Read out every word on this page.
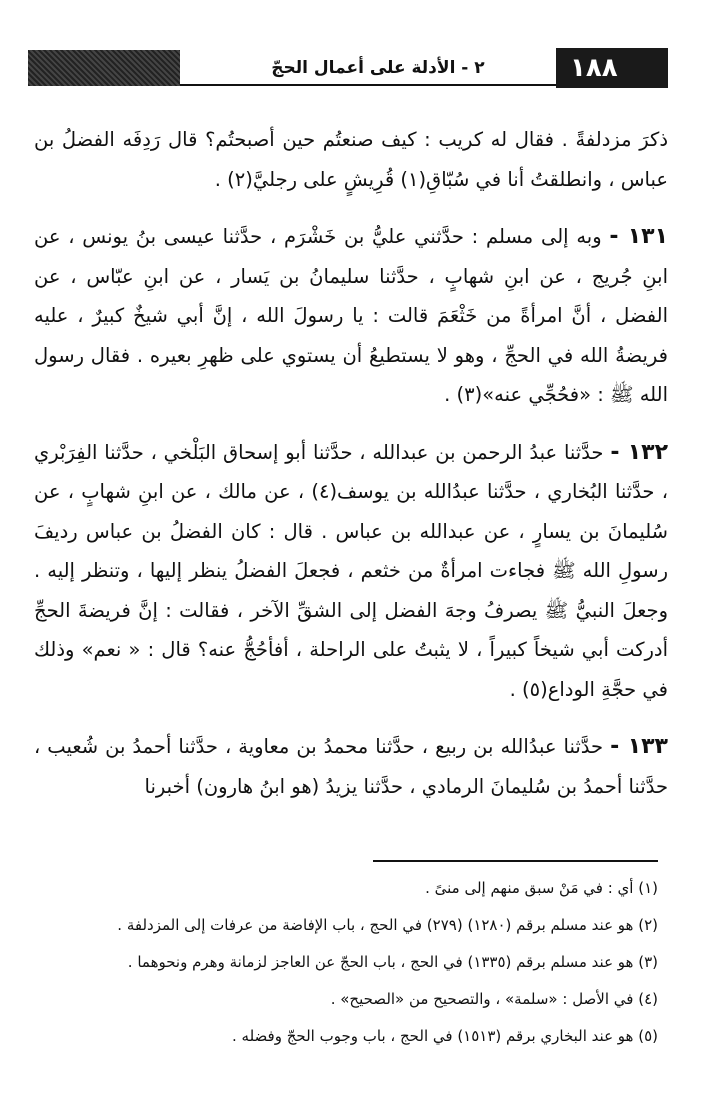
٢ - الأدلة على أعمال الحجّ	١٨٨

ذكرَ مزدلفةً . فقال له كريب : كيف صنعتُم حين أصبحتُم؟ قال رَدِفَه الفضلُ بن عباس ، وانطلقتُ أنا في سُبّاقِ(١) قُرِيشٍ على رجليَّ(٢) .

١٣١ - وبه إلى مسلم : حدَّثني عليُّ بن خَشْرَم ، حدَّثنا عيسى بنُ يونس ، عن ابنِ جُريج ، عن ابنِ شهابٍ ، حدَّثنا سليمانُ بن يَسار ، عن ابنِ عبّاس ، عن الفضل ، أنَّ امرأةً من خَثْعَمَ قالت : يا رسولَ الله ، إنَّ أبي شيخٌ كبيرٌ ، عليه فريضةُ الله في الحجِّ ، وهو لا يستطيعُ أن يستوي على ظهرِ بعيره . فقال رسول الله ﷺ : «فحُجِّي عنه»(٣) .

١٣٢ - حدَّثنا عبدُ الرحمن بن عبدالله ، حدَّثنا أبو إسحاق البَلْخي ، حدَّثنا الفِرَبْري ، حدَّثنا البُخاري ، حدَّثنا عبدُالله بن يوسف(٤) ، عن مالك ، عن ابنِ شهابٍ ، عن سُليمانَ بن يسارٍ ، عن عبدالله بن عباس . قال : كان الفضلُ بن عباس رديفَ رسولِ الله ﷺ فجاءت امرأةٌ من خثعم ، فجعلَ الفضلُ ينظر إليها ، وتنظر إليه . وجعلَ النبيُّ ﷺ يصرفُ وجهَ الفضل إلى الشقِّ الآخر ، فقالت : إنَّ فريضةَ الحجِّ أدركت أبي شيخاً كبيراً ، لا يثبتُ على الراحلة ، أفأحُجُّ عنه؟ قال : « نعم» وذلك في حجَّةِ الوداع(٥) .

١٣٣ - حدَّثنا عبدُالله بن ربيع ، حدَّثنا محمدُ بن معاوية ، حدَّثنا أحمدُ بن شُعيب ، حدَّثنا أحمدُ بن سُليمانَ الرمادي ، حدَّثنا يزيدُ (هو ابنُ هارون) أخبرنا

(١) أي : في مَنْ سبق منهم إلى منىً .
(٢) هو عند مسلم برقم (١٢٨٠) (٢٧٩) في الحج ، باب الإفاضة من عرفات إلى المزدلفة .
(٣) هو عند مسلم برقم (١٣٣٥) في الحج ، باب الحجّ عن العاجز لزمانة وهرم ونحوهما .
(٤) في الأصل : «سلمة» ، والتصحيح من «الصحيح» .
(٥) هو عند البخاري برقم (١٥١٣) في الحج ، باب وجوب الحجّ وفضله .
